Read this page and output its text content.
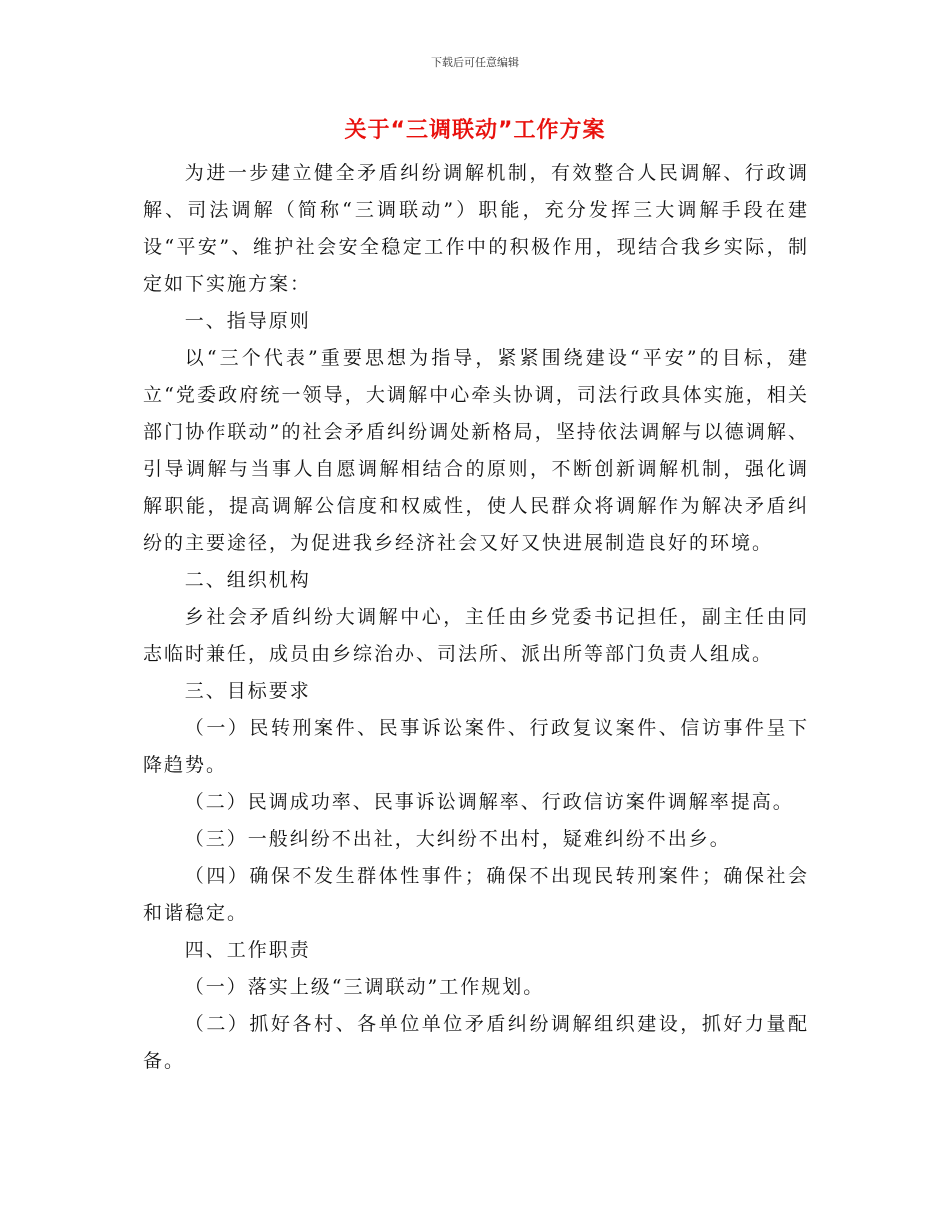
下载后可任意编辑
关于“三调联动”工作方案

为进一步建立健全矛盾纠纷调解机制，有效整合人民调解、行政调解、司法调解（简称“三调联动”）职能，充分发挥三大调解手段在建设“平安”、维护社会安全稳定工作中的积极作用，现结合我乡实际，制定如下实施方案：

一、指导原则

以“三个代表”重要思想为指导，紧紧围绕建设“平安”的目标，建立“党委政府统一领导，大调解中心牵头协调，司法行政具体实施，相关部门协作联动”的社会矛盾纠纷调处新格局，坚持依法调解与以德调解、引导调解与当事人自愿调解相结合的原则，不断创新调解机制，强化调解职能，提高调解公信度和权威性，使人民群众将调解作为解决矛盾纠纷的主要途径，为促进我乡经济社会又好又快进展制造良好的环境。

二、组织机构

乡社会矛盾纠纷大调解中心，主任由乡党委书记担任，副主任由同志临时兼任，成员由乡综治办、司法所、派出所等部门负责人组成。

三、目标要求

（一）民转刑案件、民事诉讼案件、行政复议案件、信访事件呈下降趋势。

（二）民调成功率、民事诉讼调解率、行政信访案件调解率提高。

（三）一般纠纷不出社，大纠纷不出村，疑难纠纷不出乡。

（四）确保不发生群体性事件；确保不出现民转刑案件；确保社会和谐稳定。

四、工作职责

（一）落实上级“三调联动”工作规划。

（二）抓好各村、各单位单位矛盾纠纷调解组织建设，抓好力量配备。
